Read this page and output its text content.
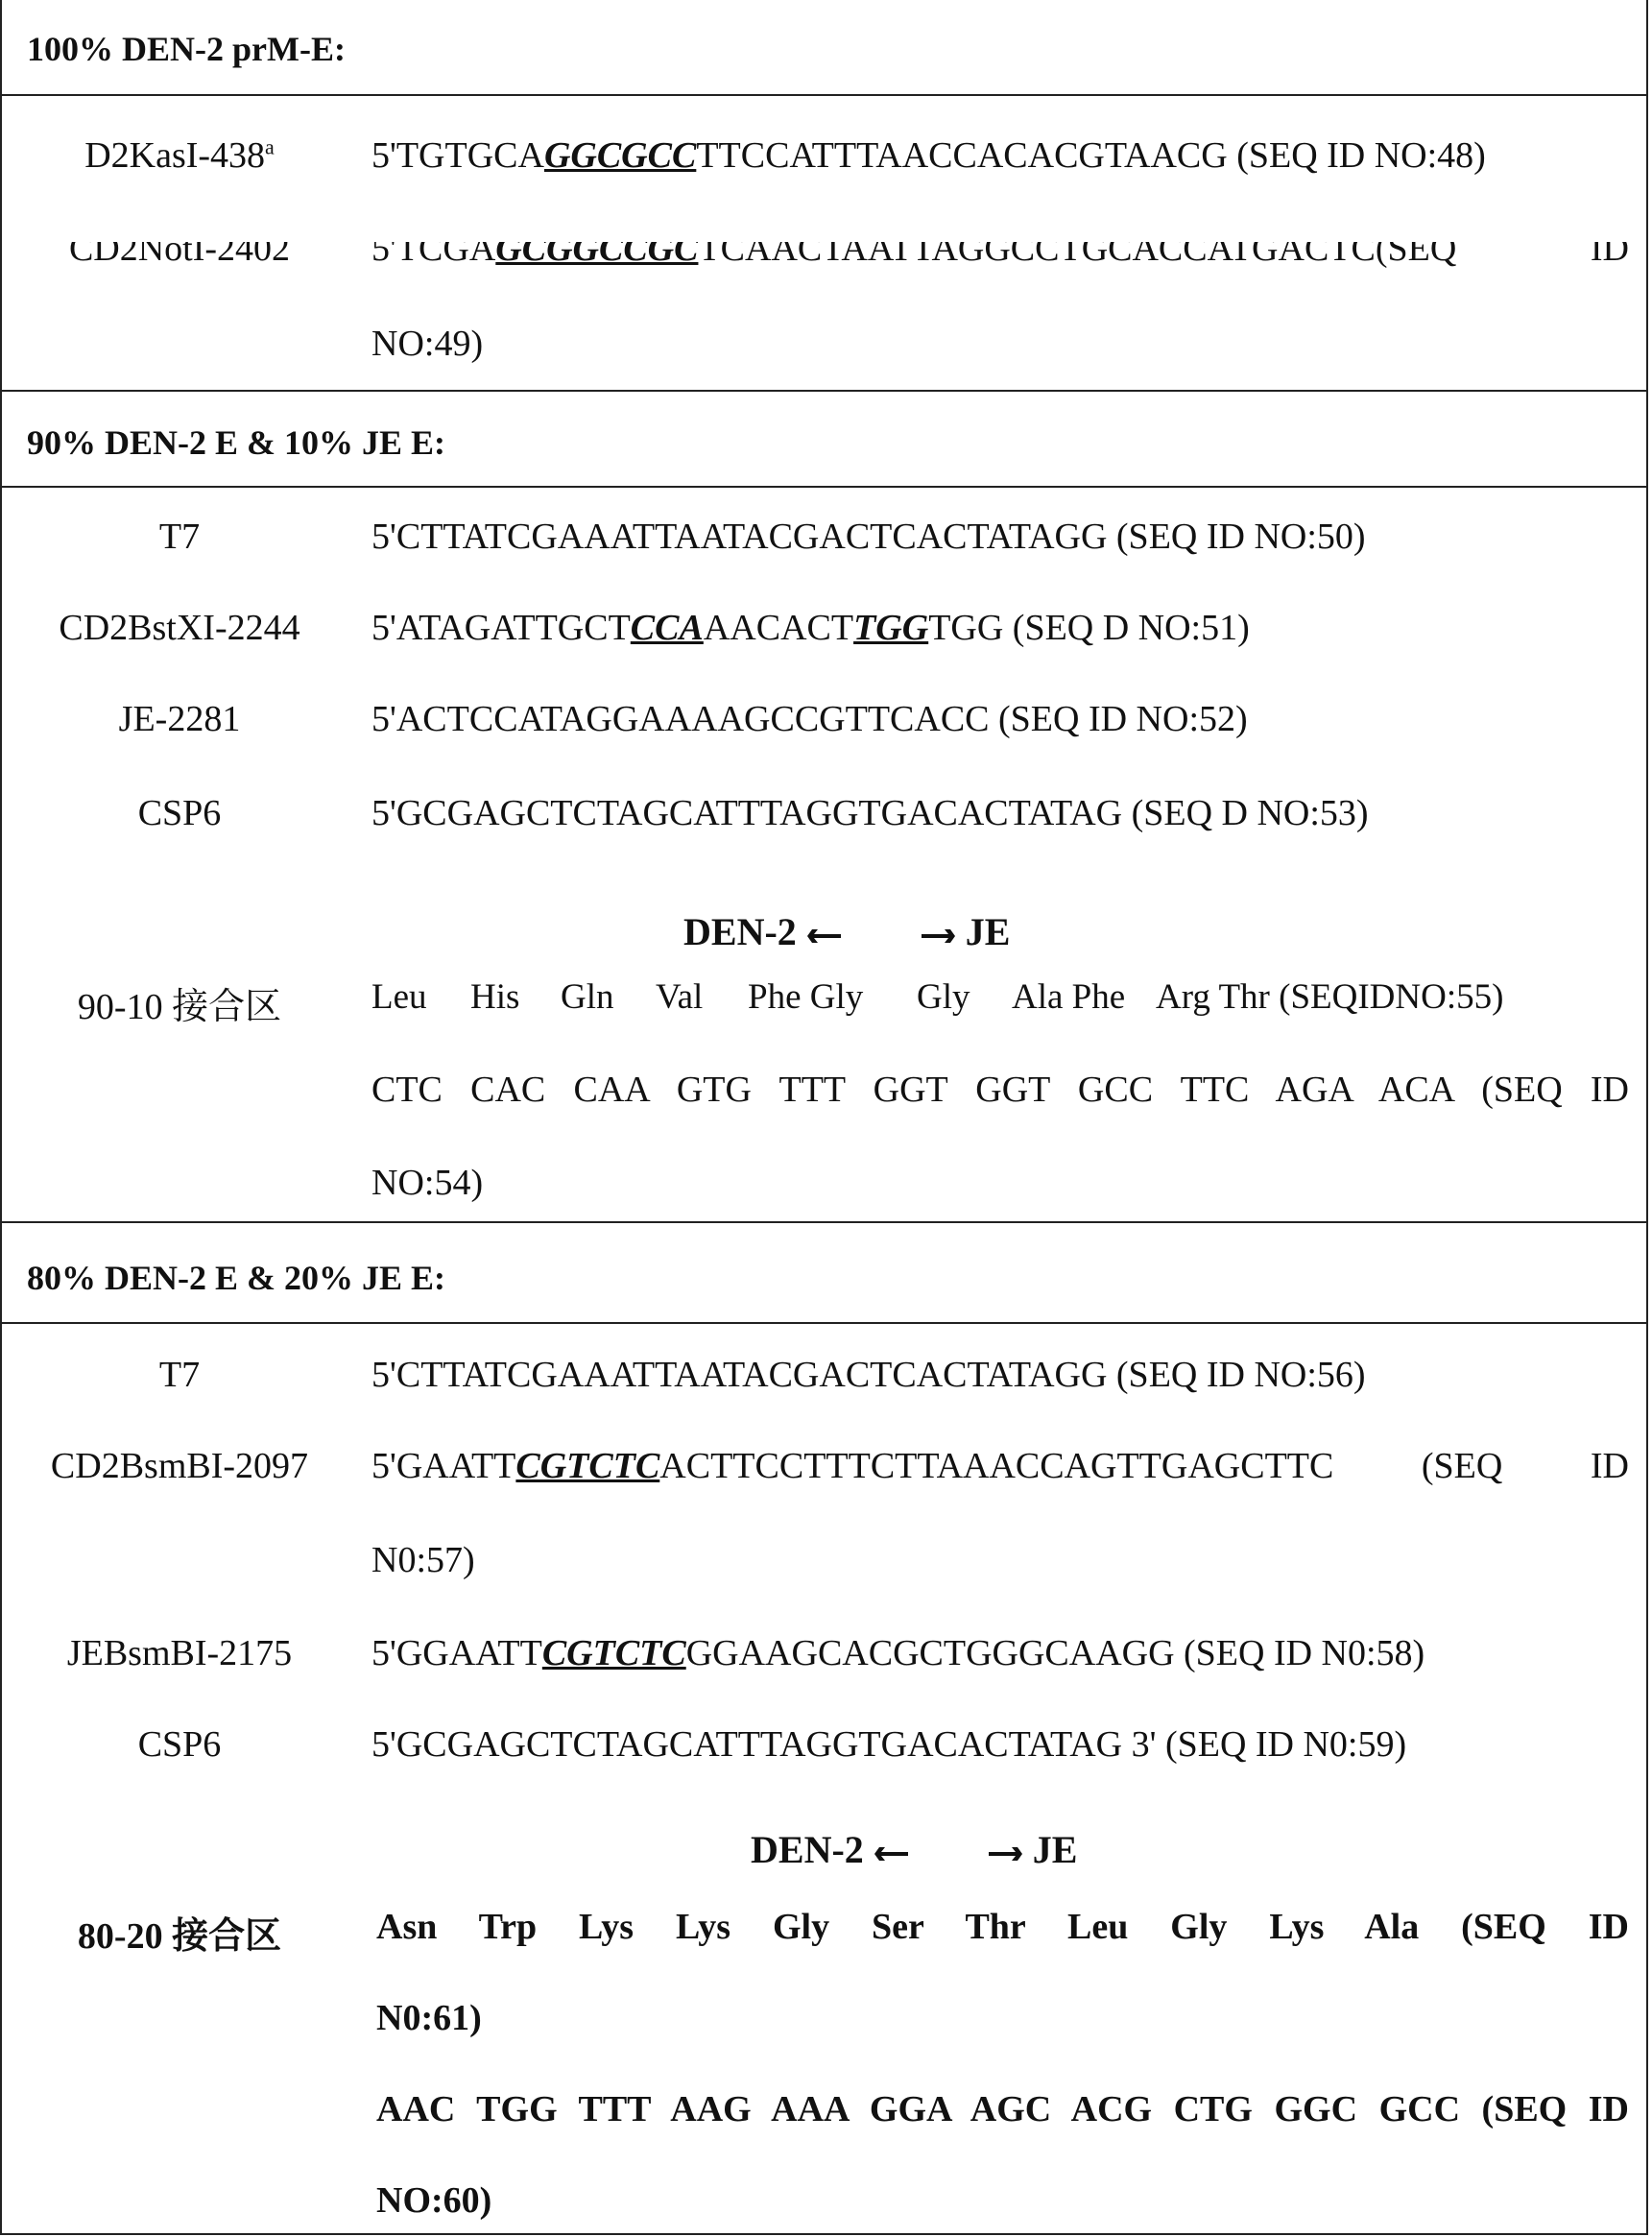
100% DEN-2 prM-E:
D2KasI-438a	5'TGTGCAGGCGCCTTCCATTTAACCACACGTAACG (SEQ ID NO:48)
CD2NotI-2402	5'TCGAGCGGCCGCTCAACTAATTAGGCCTGCACCATGACTC(SEQ ID
NO:49)
90% DEN-2 E & 10% JE E:
T7	5'CTTATCGAAATTAATACGACTCACTATAGG (SEQ ID NO:50)
CD2BstXI-2244	5'ATAGATTGCTCCAAACACTTGGTGG (SEQ D NO:51)
JE-2281	5'ACTCCATAGGAAAAGCCGTTCACC (SEQ ID NO:52)
CSP6	5'GCGAGCTCTAGCATTTAGGTGACACTATAG (SEQ D NO:53)
DEN-2
	JE
90-10 接合区	Leu His Gln Val Phe Gly Gly Ala Phe Arg Thr (SEQIDNO:55)
CTC CAC CAA GTG TTT GGT GGT GCC TTC AGA ACA (SEQ ID
NO:54)
80% DEN-2 E & 20% JE E:
T7	5'CTTATCGAAATTAATACGACTCACTATAGG (SEQ ID NO:56)
CD2BsmBI-2097	5'GAATTCGTCTCACTTCCTTTCTTAAACCAGTTGAGCTTC (SEQ ID
N0:57)
JEBsmBI-2175	5'GGAATTCGTCTCGGAAGCACGCTGGGCAAGG (SEQ ID N0:58)
CSP6	5'GCGAGCTCTAGCATTTAGGTGACACTATAG 3' (SEQ ID N0:59)
DEN-2
	JE
80-20 接合区	Asn Trp Lys Lys Gly Ser Thr Leu Gly Lys Ala (SEQ ID
N0:61)
AAC TGG TTT AAG AAA GGA AGC ACG CTG GGC GCC (SEQ ID
NO:60)
